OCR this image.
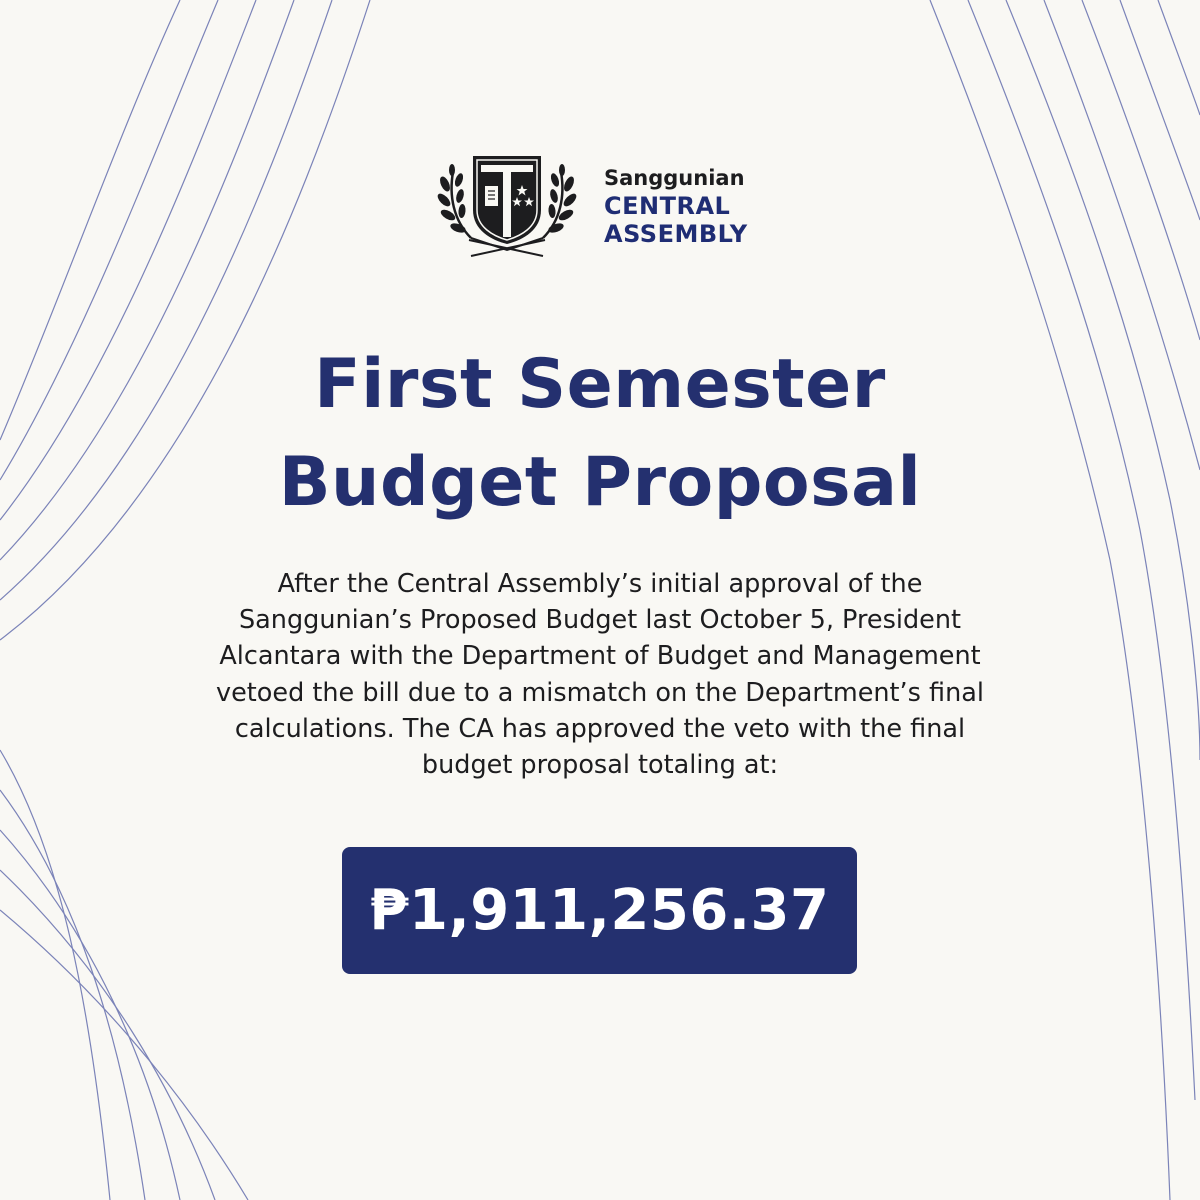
Sanggunian
CENTRAL
ASSEMBLY
First Semester
Budget Proposal
After the Central Assembly’s initial approval of the Sanggunian’s Proposed Budget last October 5, President Alcantara with the Department of Budget and Management vetoed the bill due to a mismatch on the Department’s final calculations. The CA has approved the veto with the final budget proposal totaling at:
₱1,911,256.37
